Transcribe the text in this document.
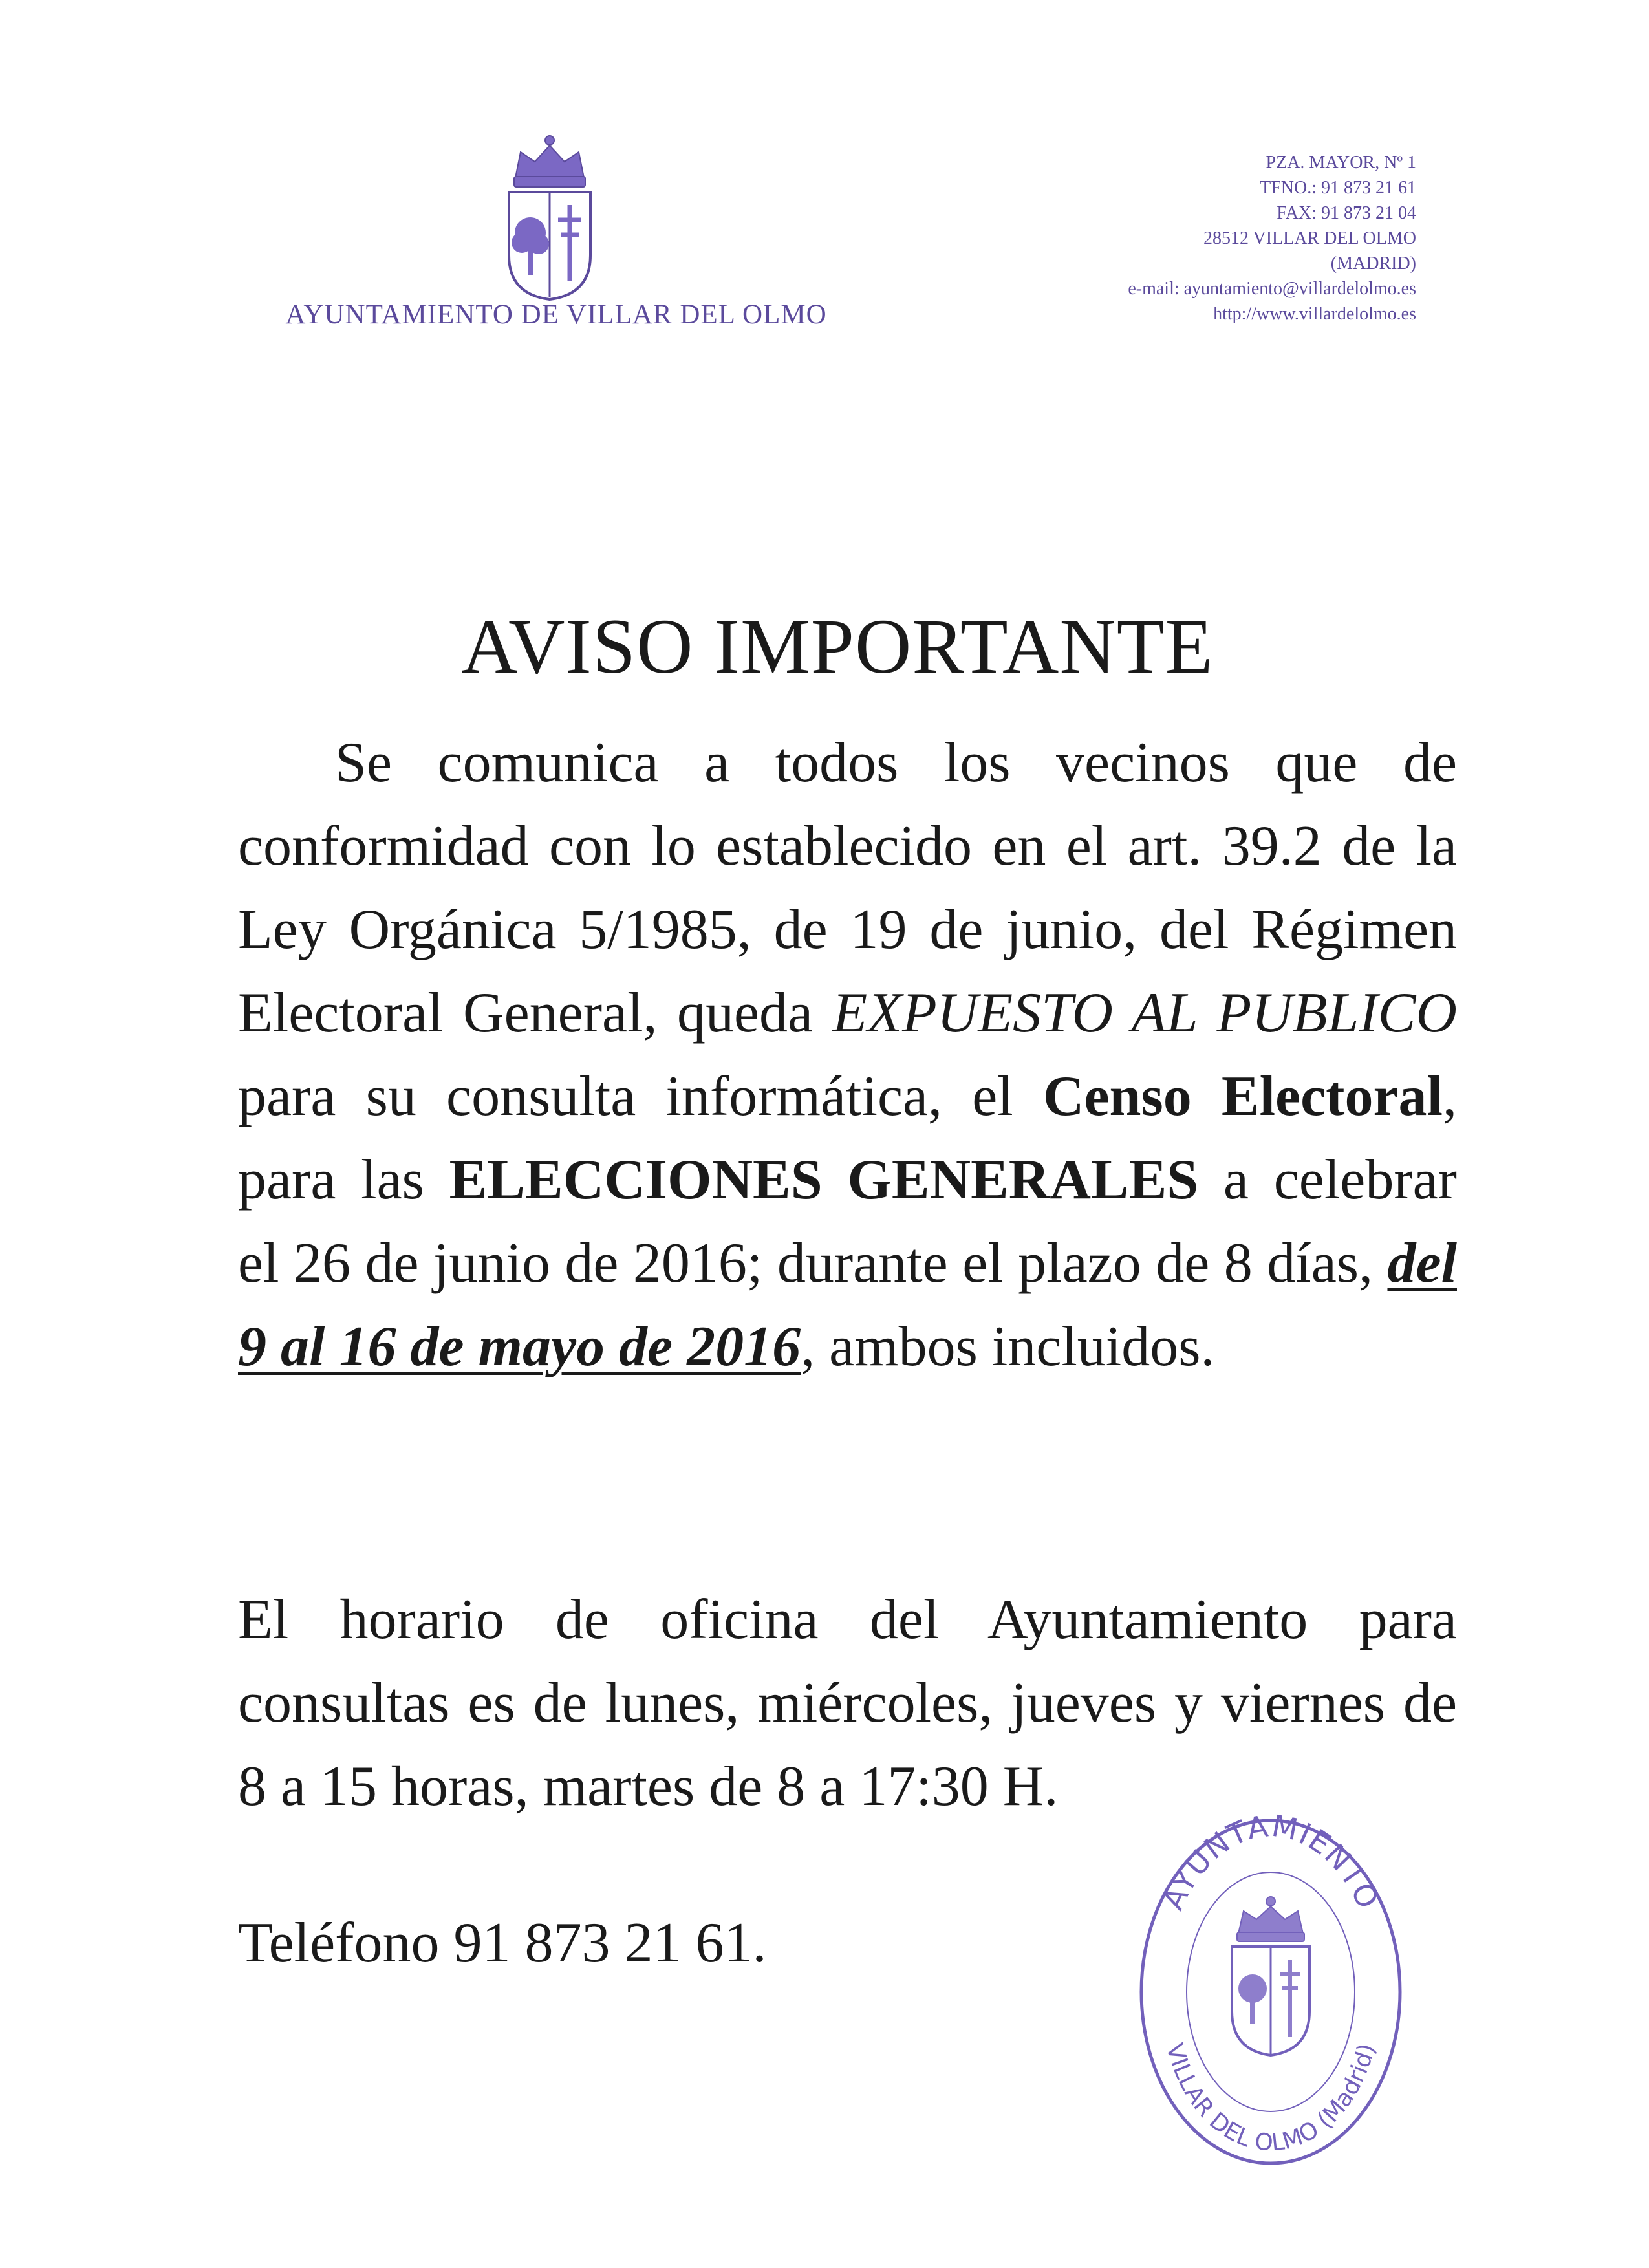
AYUNTAMIENTO DE VILLAR DEL OLMO
PZA. MAYOR, Nº 1
TFNO.: 91 873 21 61
FAX: 91 873 21 04
28512 VILLAR DEL OLMO
(MADRID)
e-mail: ayuntamiento@villardelolmo.es
http://www.villardelolmo.es
AVISO IMPORTANTE
Se comunica a todos los vecinos que de conformidad con lo establecido en el art. 39.2 de la Ley Orgánica 5/1985, de 19 de junio, del Régimen Electoral General, queda EXPUESTO AL PUBLICO para su consulta informática, el Censo Electoral, para las ELECCIONES GENERALES a celebrar el 26 de junio de 2016; durante el plazo de 8 días, del 9 al 16 de mayo de 2016, ambos incluidos.
El horario de oficina del Ayuntamiento para consultas es de lunes, miércoles, jueves y viernes de 8 a 15 horas, martes de 8 a 17:30 H.
Teléfono 91 873 21 61.
AYUNTAMIENTO
VILLAR DEL OLMO (Madrid)
